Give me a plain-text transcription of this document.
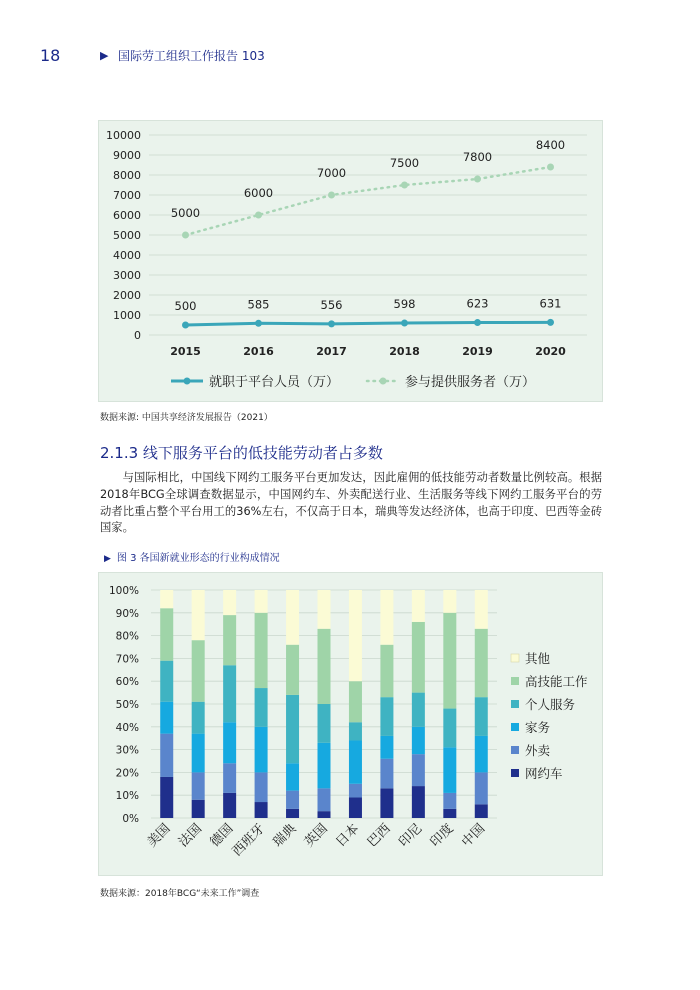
18	▶ 国际劳工组织工作报告 103
0
1000
2000
3000
4000
5000
6000
7000
8000
9000
10000
2015	2016	2017	2018	2019	2020
5000
6000
7000
7500	7800
8400
500	585	556	598	623	631
就职于平台人员（万）	参与提供服务者（万）
数据来源: 中国共享经济发展报告（2021）
2.1.3 线下服务平台的低技能劳动者占多数
与国际相比，中国线下网约工服务平台更加发达，因此雇佣的低技能劳动者数量比例较高。根据2018年BCG全球调查数据显示，中国网约车、外卖配送行业、生活服务等线下网约工服务平台的劳动者比重占整个平台用工的36%左右，不仅高于日本，瑞典等发达经济体，也高于印度、巴西等金砖国家。
▶ 图 3 各国新就业形态的行业构成情况
0%
10%
20%
30%
40%
50%
60%
70%
80%
90%
100%
美国 法国 德国
西班牙 瑞典 英国 日本 巴西 印尼 印度 中国
其他
高技能工作
个人服务
家务
外卖
网约车
数据来源：2018年BCG“未来工作”调查
